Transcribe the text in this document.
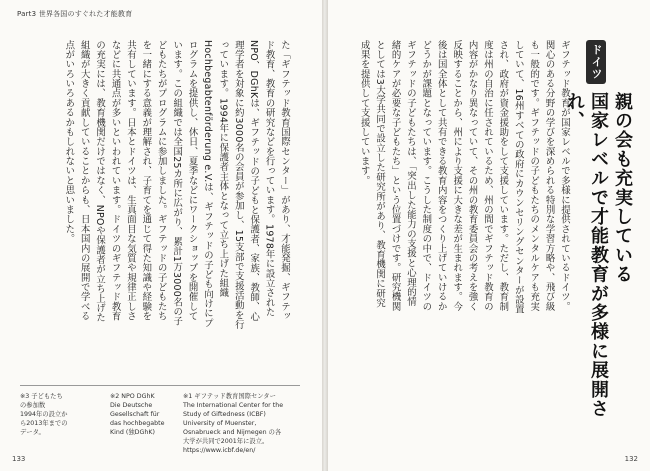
ドイツ
国家レベルで才能教育が多様に展開され、	親の会も充実している
ギフテッド教育が国家レベルで多様に提供されているドイツ。関心のある分野の学びを深められる特別な学習方略や、飛び級も一般的です。ギフテッドの子どもたちのメンタルケアも充実していて、16州すべての政府にカウンセリングセンターが設置され、政府が資金援助をして支援しています。ただし、教育制度は州の自治に任されているため、州の間でギフテッド教育の内容がかなり異なっていて、その州の教育委員会の考えを強く反映することから、州により支援に大きな差が生まれます。今後は国全体として共有できる教育内容をつくり上げていけるかどうかが課題となっています。こうした制度の中で、ドイツのギフテッドの子どもたちは、「突出した能力の支援と心理的情緒的ケアが必要な子どもたち」という位置づけです。研究機関としては3大学共同で設立した研究所があり、教育機関に研究成果を提供して支援しています。
132
Part3 世界各国のすぐれた才能教育
た「ギフテッド教育国際センター」があり、才能発掘、ギフテッド教育、教育の研究などを行っています。1978年に設立されたNPO、DGhKは、ギフテッドの子どもと保護者、家族、教師、心理学者を対象に約3000名の会員が参加し、15支部で支援活動を行っています。1994年に保護者主体となって立ち上げた組織 Hochbegabtenförderung e.V.は、ギフテッドの子ども向けにプログラムを提供し、休日、夏季などにワークショップを開催しています。この組織では全国25カ所に広がり、累計1万3000名の子どもたちがプログラムに参加しました。ギフテッドの子どもたちを一緒にする意義が理解され、子育てを通じて得た知識や経験を共有しています。日本とドイツは、生真面目な気質や規律正しさなどに共通点が多いといわれています。ドイツのギフテッド教育の充実には、教育機関だけではなく、NPOや保護者が立ち上げた組織が大きく貢献していることからも、日本国内の展開で学べる点がいろいろあるかもしれないと思いました。

※3 子どもたち

の参加数

1994年の設立か

ら2013年までの

データ。

※2 NPO DGhK

Die Deutsche

Gesellschaft für

das hochbegabte

Kind (独DGhK)

※1 ギフテッド教育国際センター

The International Center for the

Study of Giftedness (ICBF)

University of Muenster,

Osnabrueck and Nijmegen の各

大学が共同で2001年に設立。

https://www.icbf.de/en/

133
